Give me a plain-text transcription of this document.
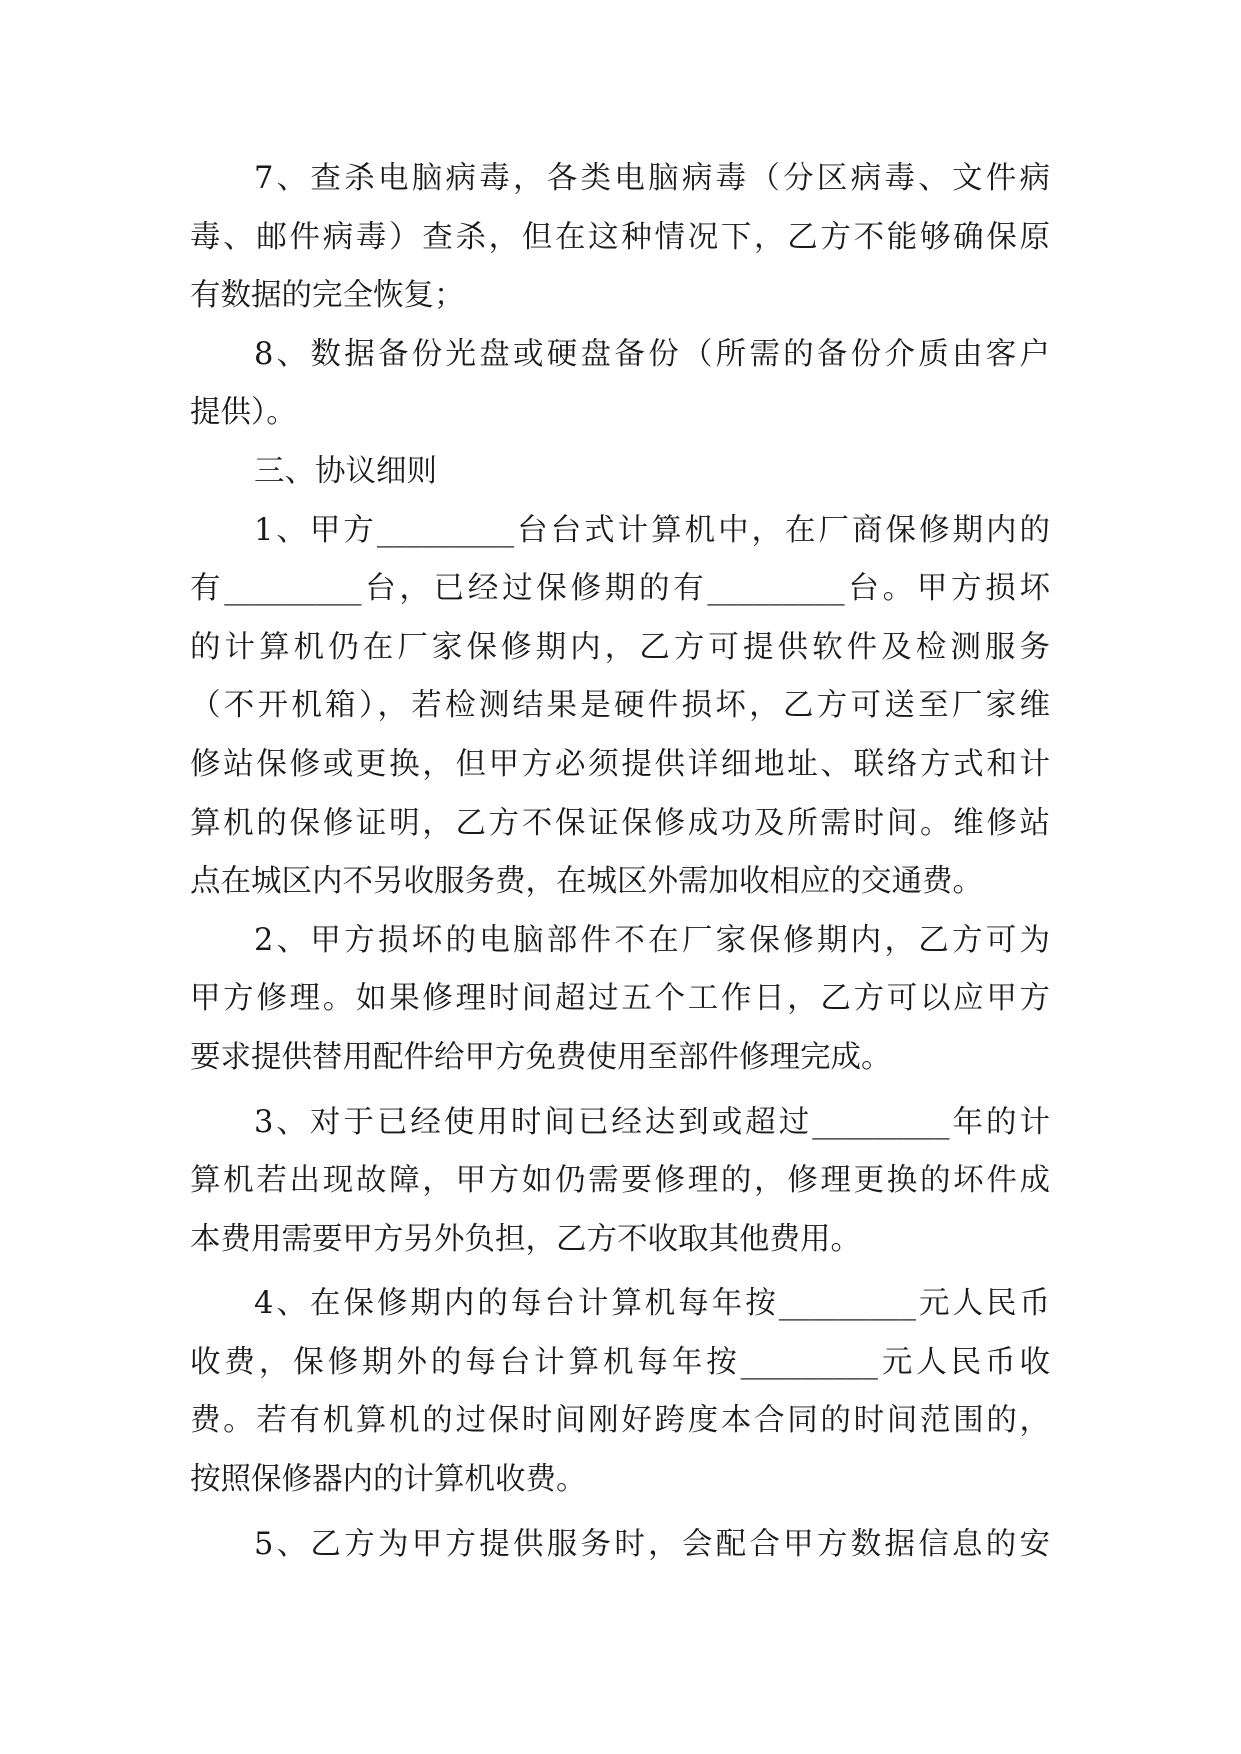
7、查杀电脑病毒，各类电脑病毒（分区病毒、文件病
毒、邮件病毒）查杀，但在这种情况下，乙方不能够确保原
有数据的完全恢复；
8、数据备份光盘或硬盘备份（所需的备份介质由客户
提供）。
三、协议细则
1、甲方_________台台式计算机中，在厂商保修期内的
有_________台，已经过保修期的有_________台。甲方损坏
的计算机仍在厂家保修期内，乙方可提供软件及检测服务
（不开机箱），若检测结果是硬件损坏，乙方可送至厂家维
修站保修或更换，但甲方必须提供详细地址、联络方式和计
算机的保修证明，乙方不保证保修成功及所需时间。维修站
点在城区内不另收服务费，在城区外需加收相应的交通费。
2、甲方损坏的电脑部件不在厂家保修期内，乙方可为
甲方修理。如果修理时间超过五个工作日，乙方可以应甲方
要求提供替用配件给甲方免费使用至部件修理完成。
3、对于已经使用时间已经达到或超过_________年的计
算机若出现故障，甲方如仍需要修理的，修理更换的坏件成
本费用需要甲方另外负担，乙方不收取其他费用。
4、在保修期内的每台计算机每年按_________元人民币
收费，保修期外的每台计算机每年按_________元人民币收
费。若有机算机的过保时间刚好跨度本合同的时间范围的，
按照保修器内的计算机收费。
5、乙方为甲方提供服务时，会配合甲方数据信息的安
